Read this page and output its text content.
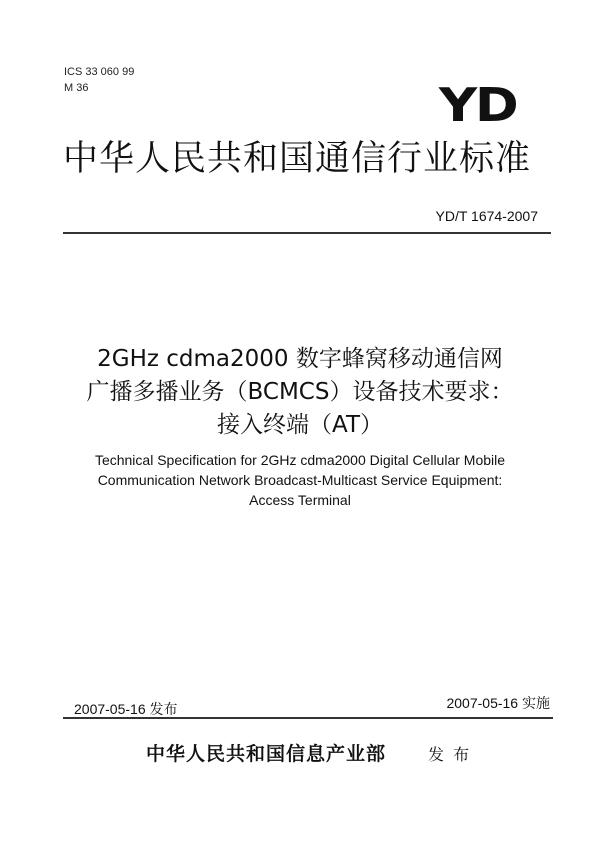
ICS 33 060 99
M 36	YD
中华人民共和国通信行业标准
YD/T 1674-2007
2GHz cdma2000 数字蜂窝移动通信网
广播多播业务（BCMCS）设备技术要求：
接入终端（AT）
Technical Specification for 2GHz cdma2000 Digital Cellular Mobile
Communication Network Broadcast-Multicast Service Equipment:
Access Terminal
2007-05-16 发布	2007-05-16 实施
中华人民共和国信息产业部	发 布
